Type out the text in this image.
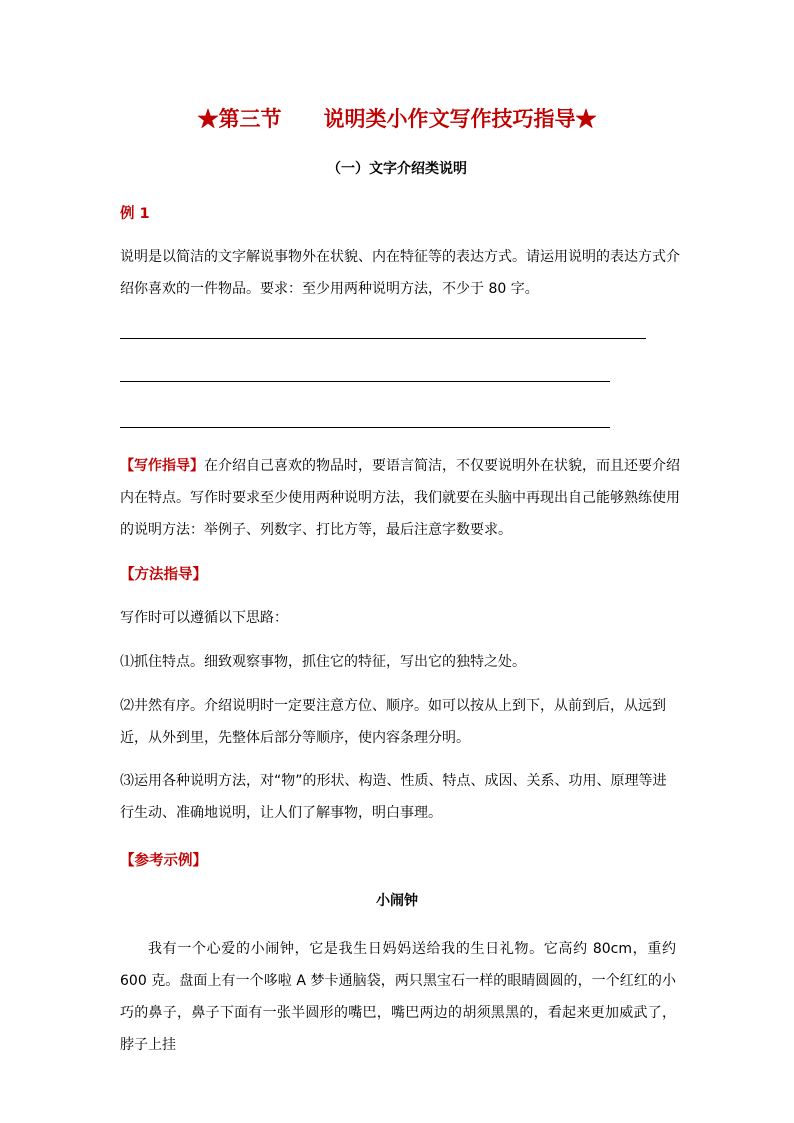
★第三节　　说明类小作文写作技巧指导★
（一）文字介绍类说明
例 1
说明是以简洁的文字解说事物外在状貌、内在特征等的表达方式。请运用说明的表达方式介绍你喜欢的一件物品。要求：至少用两种说明方法，不少于 80 字。
【写作指导】在介绍自己喜欢的物品时，要语言简洁，不仅要说明外在状貌，而且还要介绍内在特点。写作时要求至少使用两种说明方法，我们就要在头脑中再现出自己能够熟练使用的说明方法：举例子、列数字、打比方等，最后注意字数要求。
【方法指导】
写作时可以遵循以下思路：
⑴抓住特点。细致观察事物，抓住它的特征，写出它的独特之处。
⑵井然有序。介绍说明时一定要注意方位、顺序。如可以按从上到下，从前到后，从远到近，从外到里，先整体后部分等顺序，使内容条理分明。
⑶运用各种说明方法，对“物”的形状、构造、性质、特点、成因、关系、功用、原理等进行生动、准确地说明，让人们了解事物，明白事理。
【参考示例】
小闹钟
我有一个心爱的小闹钟，它是我生日妈妈送给我的生日礼物。它高约 80cm，重约 600 克。盘面上有一个哆啦 A 梦卡通脑袋，两只黑宝石一样的眼睛圆圆的，一个红红的小巧的鼻子，鼻子下面有一张半圆形的嘴巴，嘴巴两边的胡须黑黑的，看起来更加威武了，脖子上挂
